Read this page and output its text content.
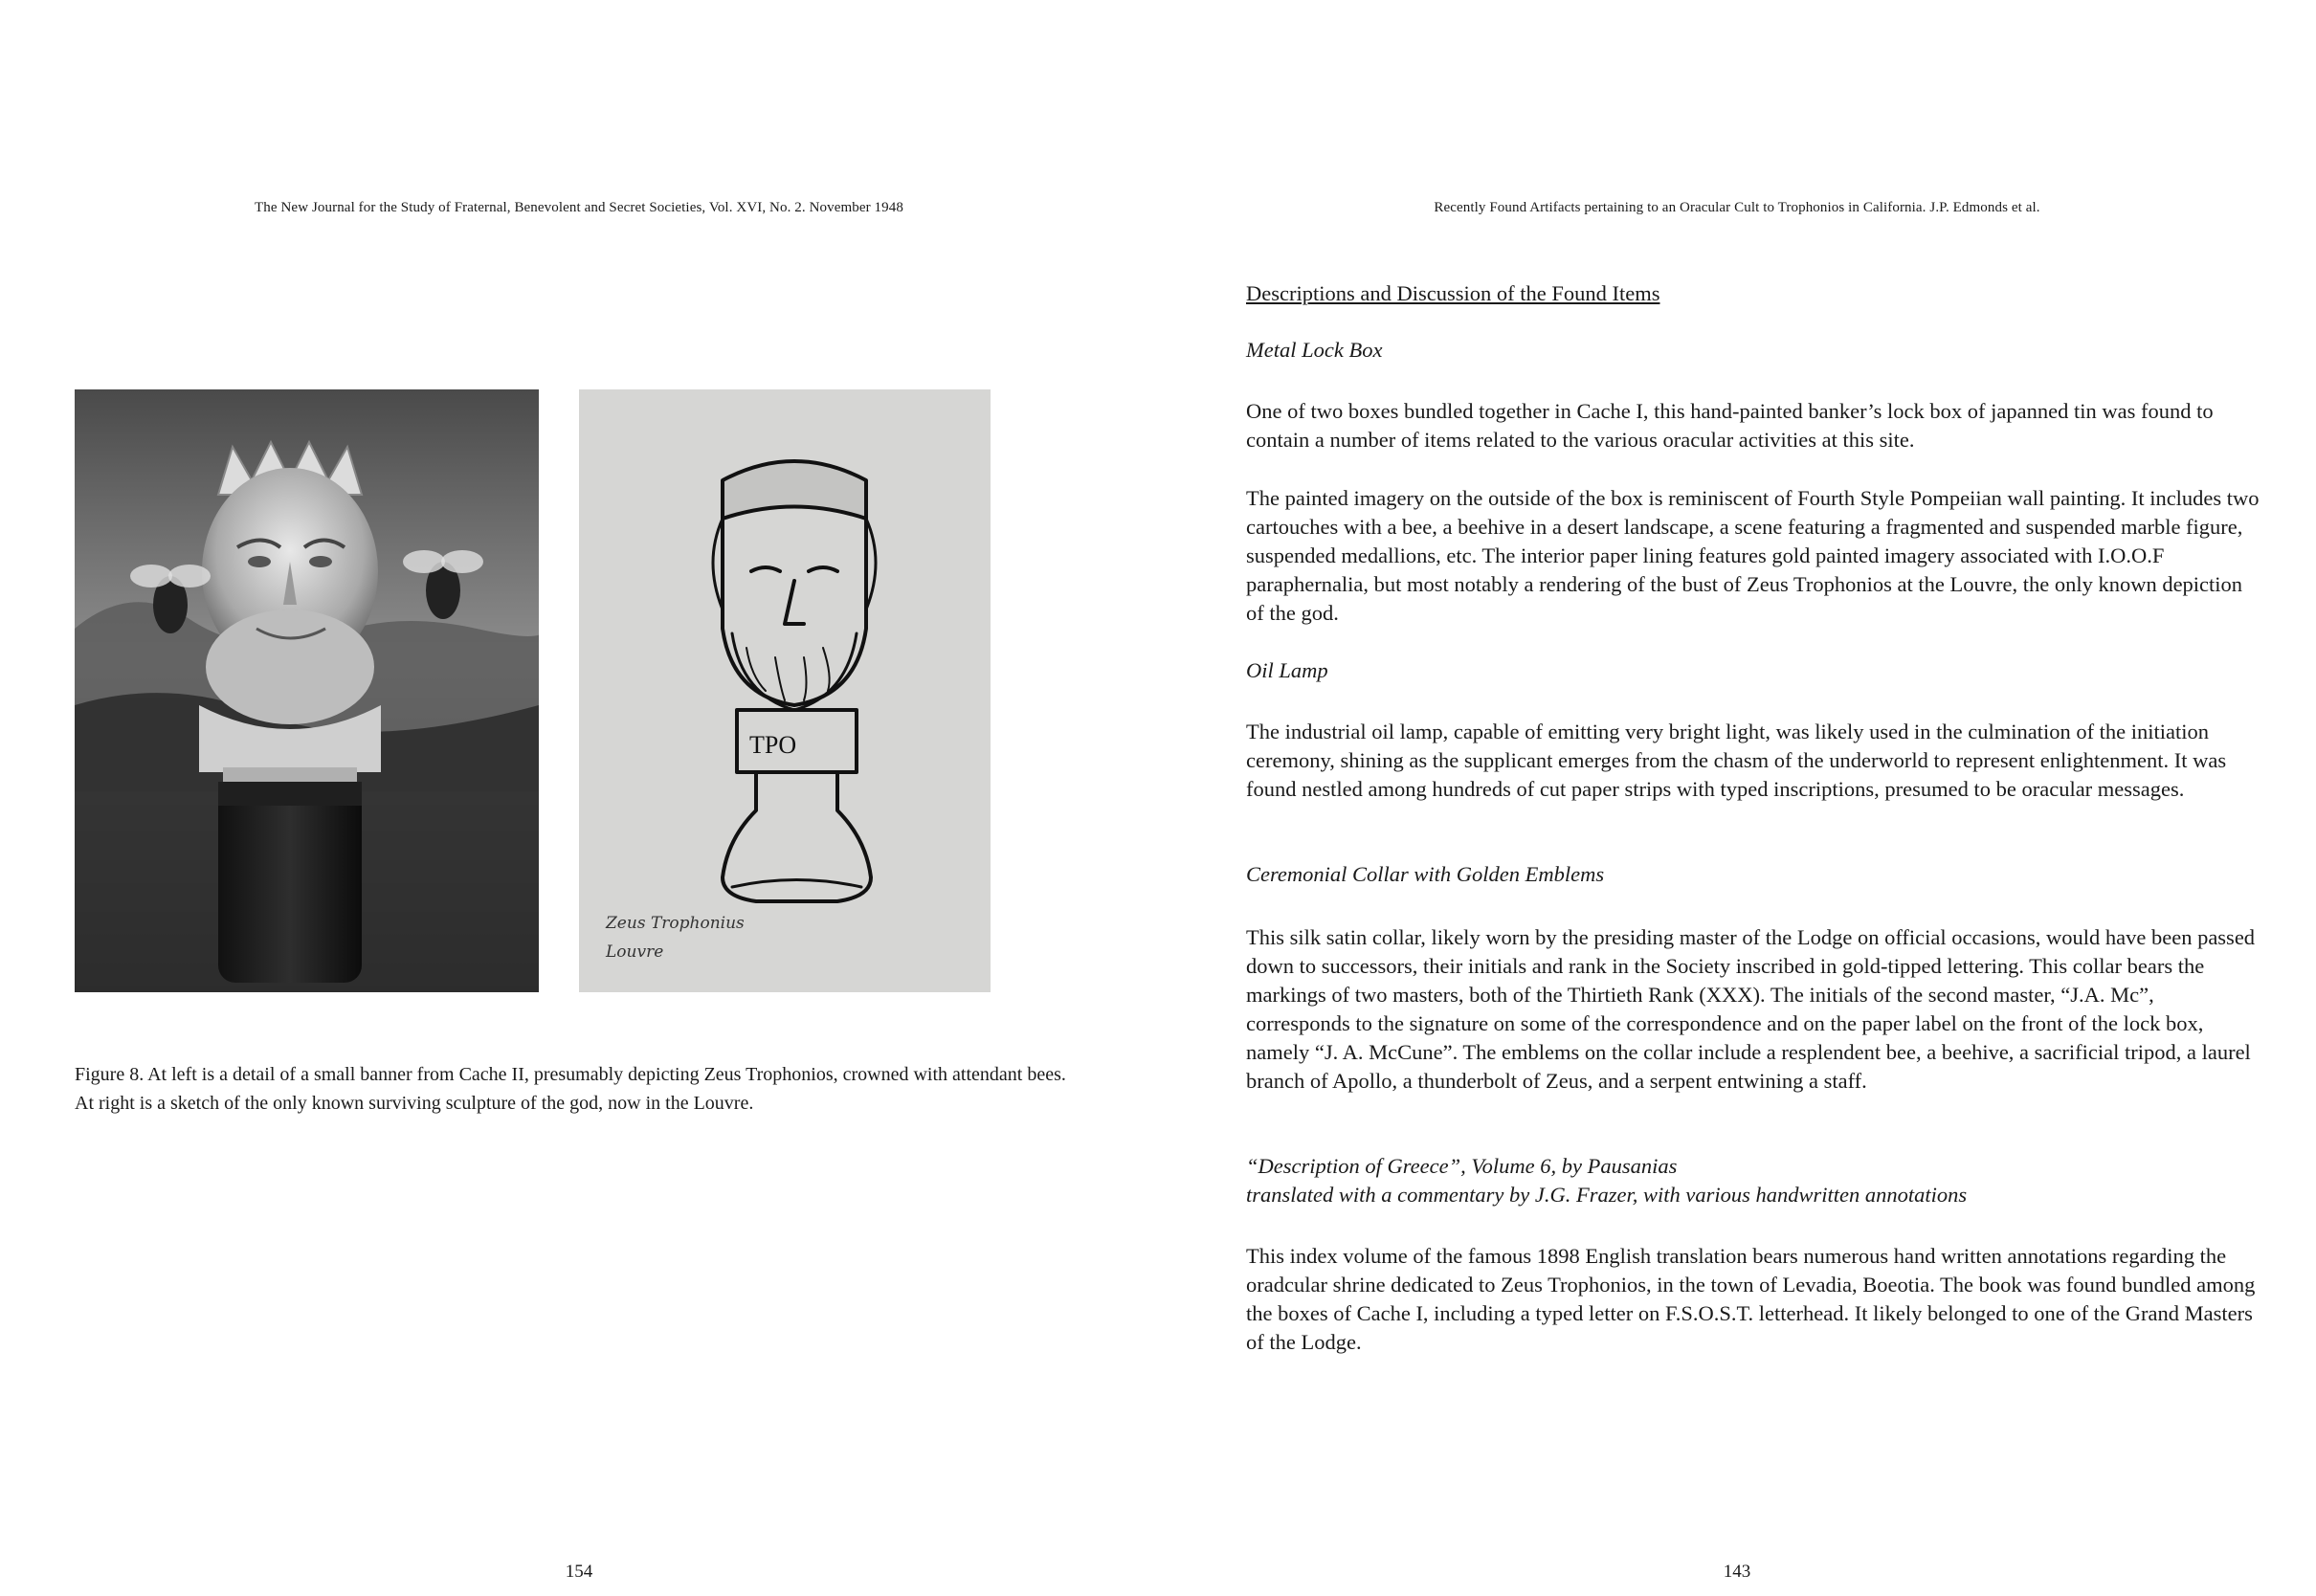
The New Journal for the Study of Fraternal, Benevolent and Secret Societies, Vol. XVI, No. 2. November 1948
TPO
Zeus Trophonius
Louvre
Figure 8. At left is a detail of a small banner from Cache II, presumably depicting Zeus Trophonios, crowned with attendant bees. At right is a sketch of the only known surviving sculpture of the god, now in the Louvre.
154
Recently Found Artifacts pertaining to an Oracular Cult to Trophonios in California. J.P. Edmonds et al.

Descriptions and Discussion of the Found Items

Metal Lock Box

One of two boxes bundled together in Cache I, this hand-painted banker’s lock box of japanned tin was found to contain a number of items related to the various oracular activities at this site.

The painted imagery on the outside of the box is reminiscent of Fourth Style Pompeiian wall painting. It includes two cartouches with a bee, a beehive in a desert landscape, a scene featuring a fragmented and suspended marble figure, suspended medallions, etc. The interior paper lining features gold painted imagery associated with I.O.O.F paraphernalia, but most notably a rendering of the bust of Zeus Trophonios at the Louvre, the only known depiction of the god.

Oil Lamp

The industrial oil lamp, capable of emitting very bright light, was likely used in the culmination of the initiation ceremony, shining as the supplicant emerges from the chasm of the underworld to represent enlightenment. It was found nestled among hundreds of cut paper strips with typed inscriptions, presumed to be oracular messages.

Ceremonial Collar with Golden Emblems

This silk satin collar, likely worn by the presiding master of the Lodge on official occasions, would have been passed down to successors, their initials and rank in the Society inscribed in gold-tipped lettering. This collar bears the markings of two masters, both of the Thirtieth Rank (XXX). The initials of the second master, “J.A. Mc”, corresponds to the signature on some of the correspondence and on the paper label on the front of the lock box, namely “J. A. McCune”. The emblems on the collar include a resplendent bee, a beehive, a sacrificial tripod, a laurel branch of Apollo, a thunderbolt of Zeus, and a serpent entwining a staff.

“Description of Greece”, Volume 6, by Pausanias

translated with a commentary by J.G. Frazer, with various handwritten annotations

This index volume of the famous 1898 English translation bears numerous hand written annotations regarding the oradcular shrine dedicated to Zeus Trophonios, in the town of Levadia, Boeotia. The book was found bundled among the boxes of Cache I, including a typed letter on F.S.O.S.T. letterhead. It likely belonged to one of the Grand Masters of the Lodge.

143
